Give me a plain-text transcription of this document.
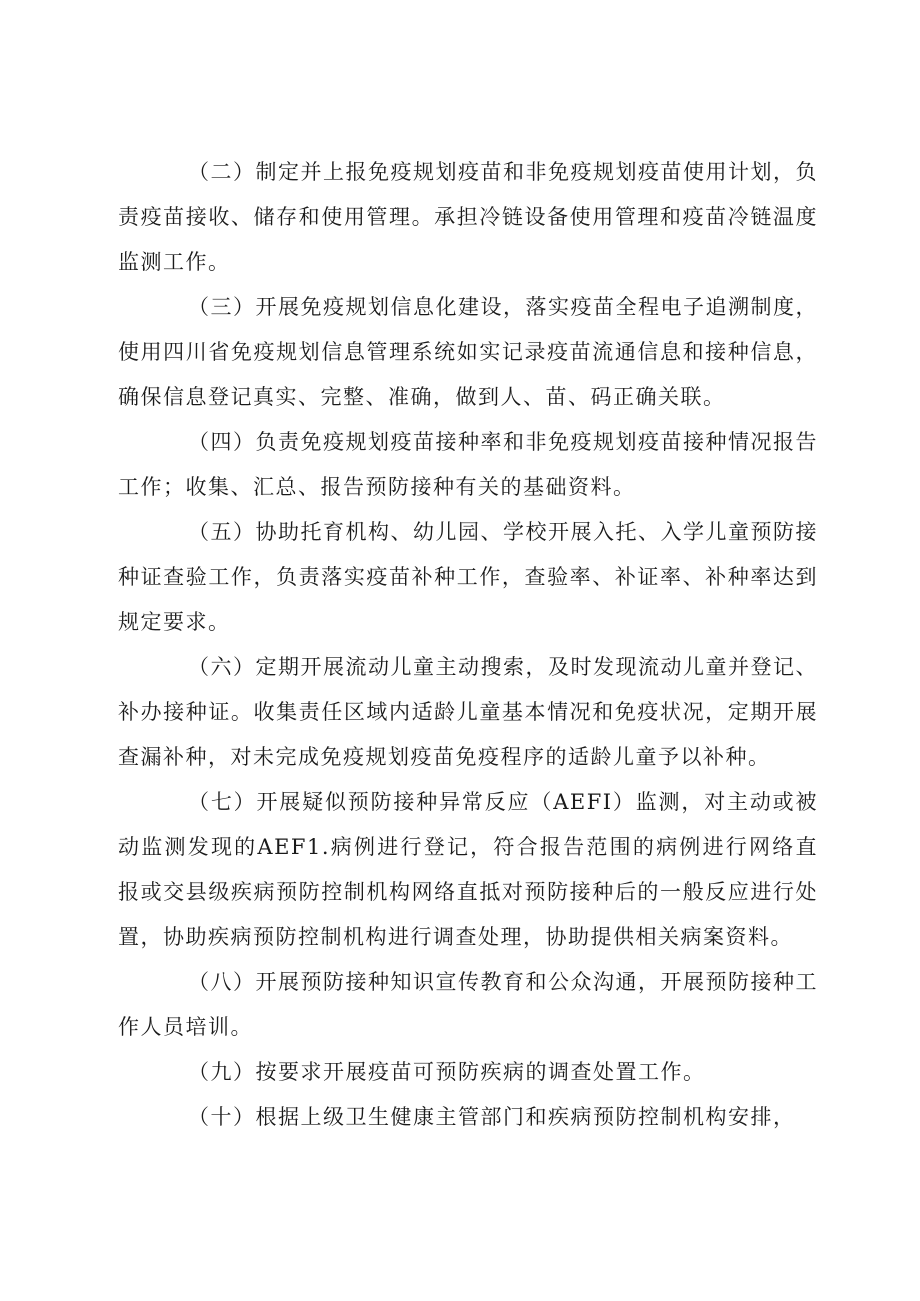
（二）制定并上报免疫规划疫苗和非免疫规划疫苗使用计划，负责疫苗接收、储存和使用管理。承担冷链设备使用管理和疫苗冷链温度监测工作。

（三）开展免疫规划信息化建设，落实疫苗全程电子追溯制度，使用四川省免疫规划信息管理系统如实记录疫苗流通信息和接种信息，确保信息登记真实、完整、准确，做到人、苗、码正确关联。

（四）负责免疫规划疫苗接种率和非免疫规划疫苗接种情况报告工作；收集、汇总、报告预防接种有关的基础资料。

（五）协助托育机构、幼儿园、学校开展入托、入学儿童预防接种证查验工作，负责落实疫苗补种工作，查验率、补证率、补种率达到规定要求。

（六）定期开展流动儿童主动搜索，及时发现流动儿童并登记、补办接种证。收集责任区域内适龄儿童基本情况和免疫状况，定期开展查漏补种，对未完成免疫规划疫苗免疫程序的适龄儿童予以补种。

（七）开展疑似预防接种异常反应（AEFI）监测，对主动或被动监测发现的AEF1.病例进行登记，符合报告范围的病例进行网络直报或交县级疾病预防控制机构网络直抵对预防接种后的一般反应进行处置，协助疾病预防控制机构进行调查处理，协助提供相关病案资料。

（八）开展预防接种知识宣传教育和公众沟通，开展预防接种工作人员培训。

（九）按要求开展疫苗可预防疾病的调查处置工作。

（十）根据上级卫生健康主管部门和疾病预防控制机构安排，
